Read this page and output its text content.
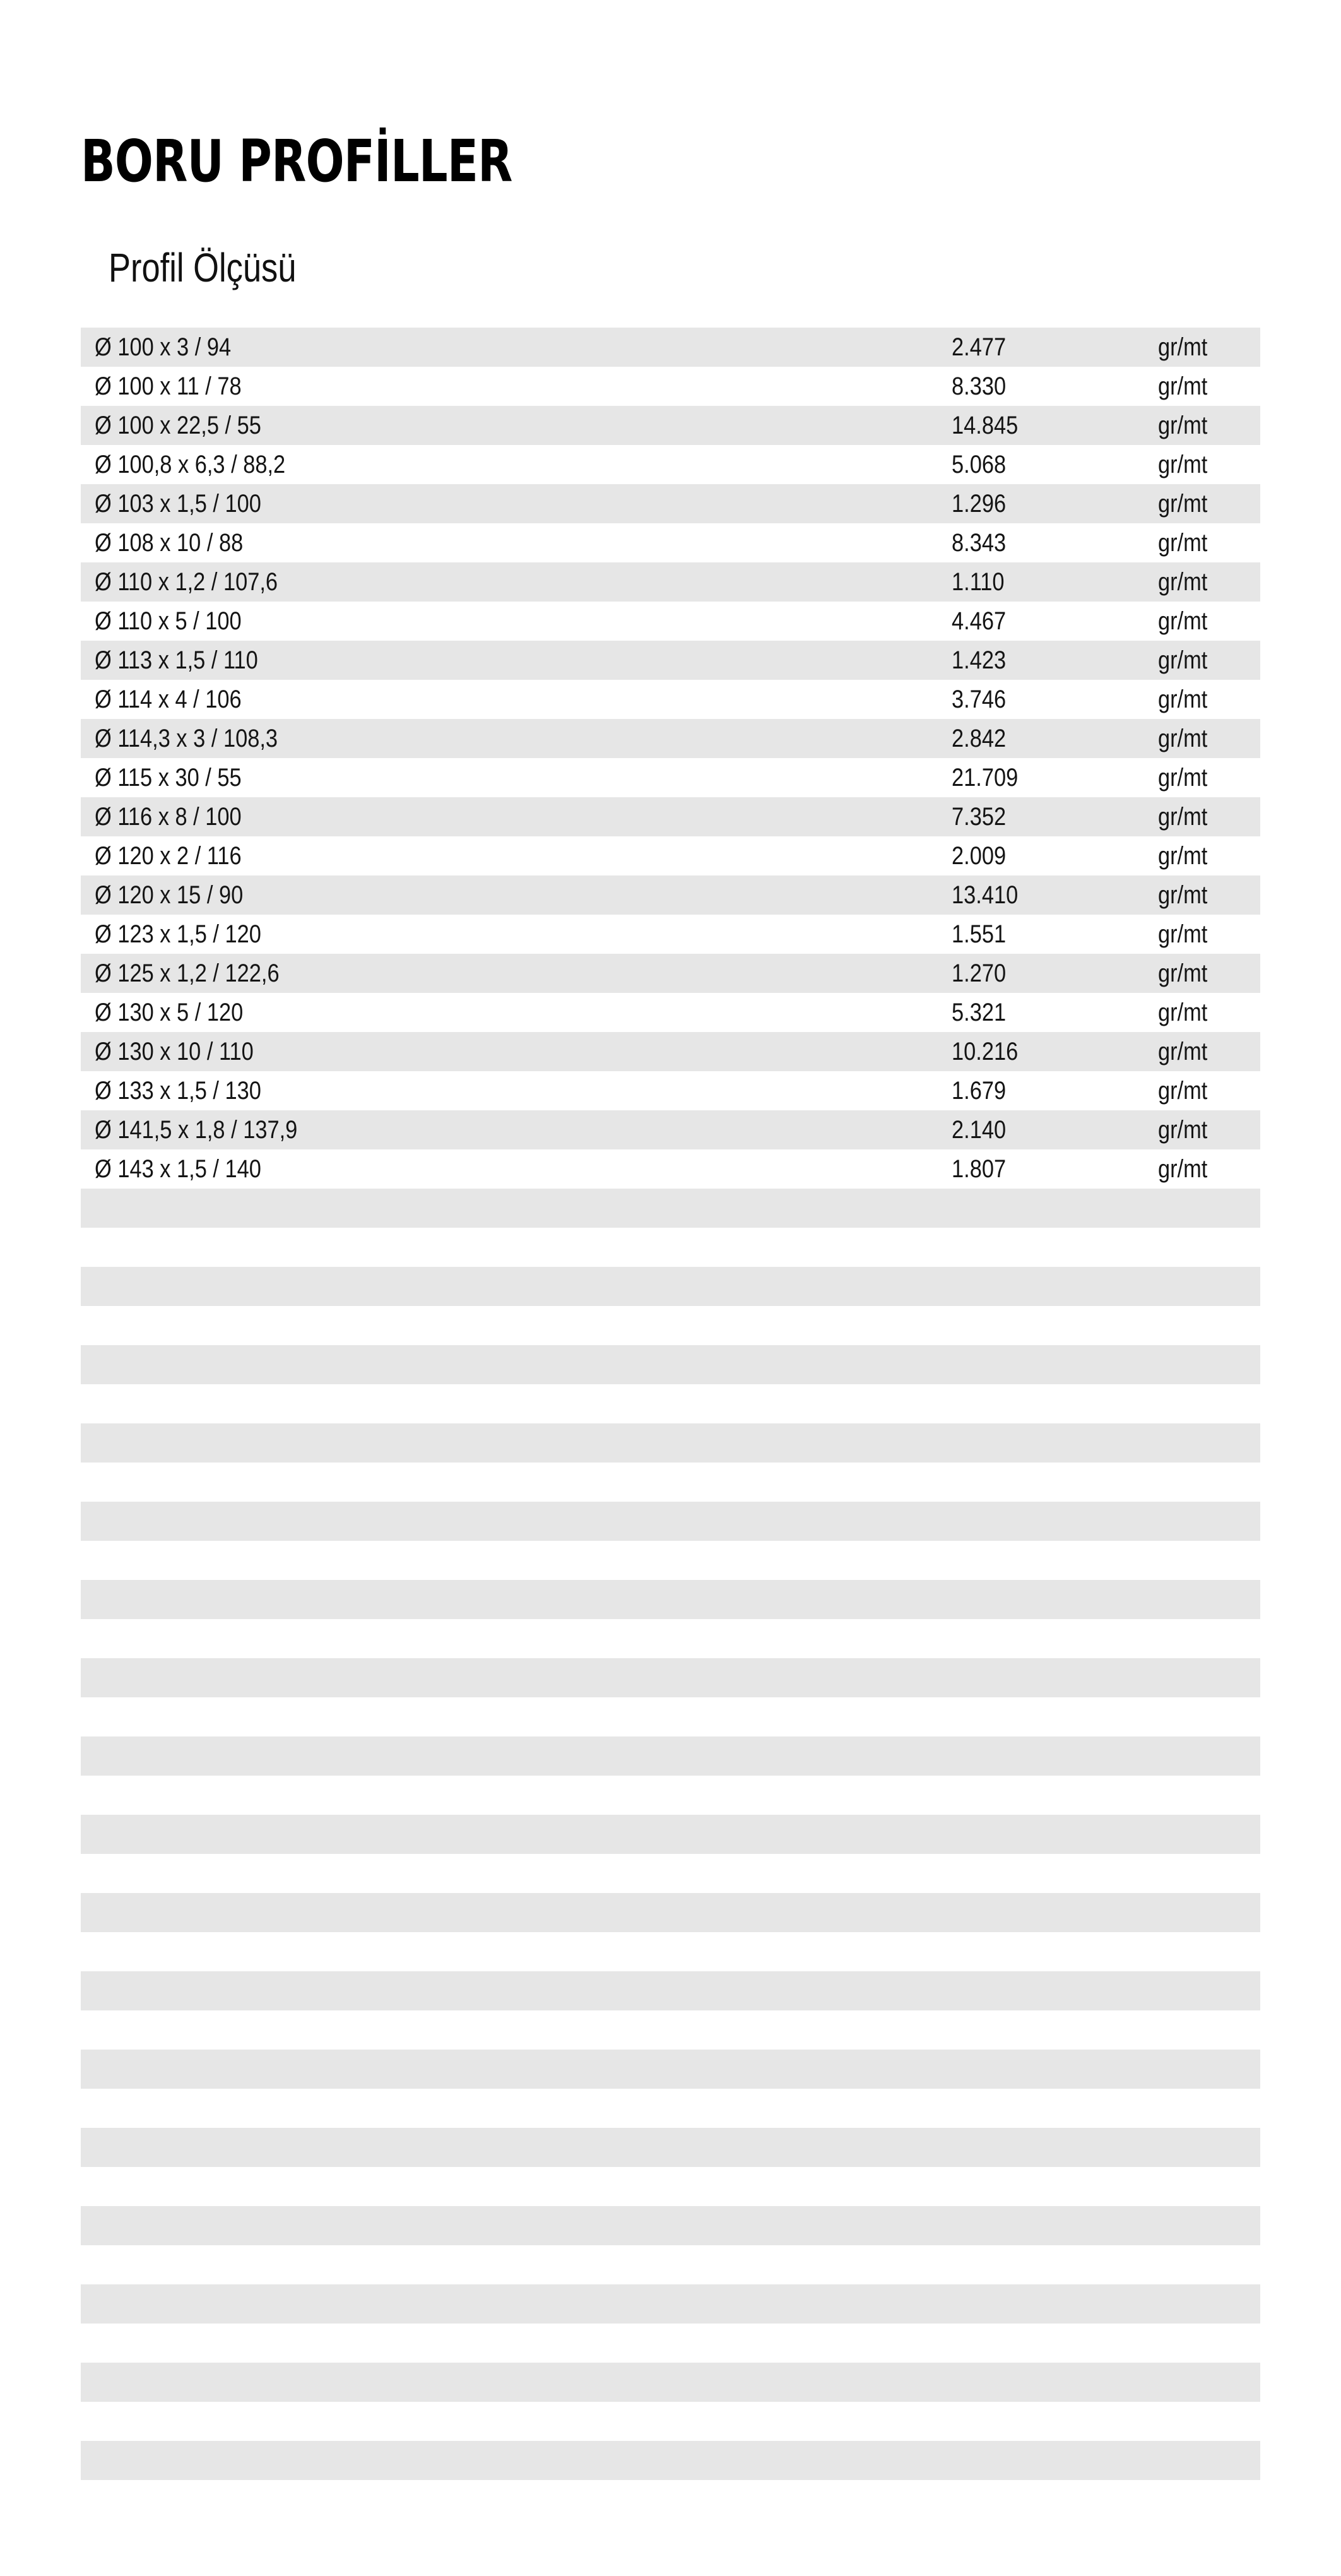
BORU PROFİLLER
Profil Ölçüsü
Ø 100 x 3 / 94	2.477	gr/mt
Ø 100 x 11 / 78	8.330	gr/mt
Ø 100 x 22,5 / 55	14.845	gr/mt
Ø 100,8 x 6,3 / 88,2	5.068	gr/mt
Ø 103 x 1,5 / 100	1.296	gr/mt
Ø 108 x 10 / 88	8.343	gr/mt
Ø 110 x 1,2 / 107,6	1.110	gr/mt
Ø 110 x 5 / 100	4.467	gr/mt
Ø 113 x 1,5 / 110	1.423	gr/mt
Ø 114 x 4 / 106	3.746	gr/mt
Ø 114,3 x 3 / 108,3	2.842	gr/mt
Ø 115 x 30 / 55	21.709	gr/mt
Ø 116 x 8 / 100	7.352	gr/mt
Ø 120 x 2 / 116	2.009	gr/mt
Ø 120 x 15 / 90	13.410	gr/mt
Ø 123 x 1,5 / 120	1.551	gr/mt
Ø 125 x 1,2 / 122,6	1.270	gr/mt
Ø 130 x 5 / 120	5.321	gr/mt
Ø 130 x 10 / 110	10.216	gr/mt
Ø 133 x 1,5 / 130	1.679	gr/mt
Ø 141,5 x 1,8 / 137,9	2.140	gr/mt
Ø 143 x 1,5 / 140	1.807	gr/mt
